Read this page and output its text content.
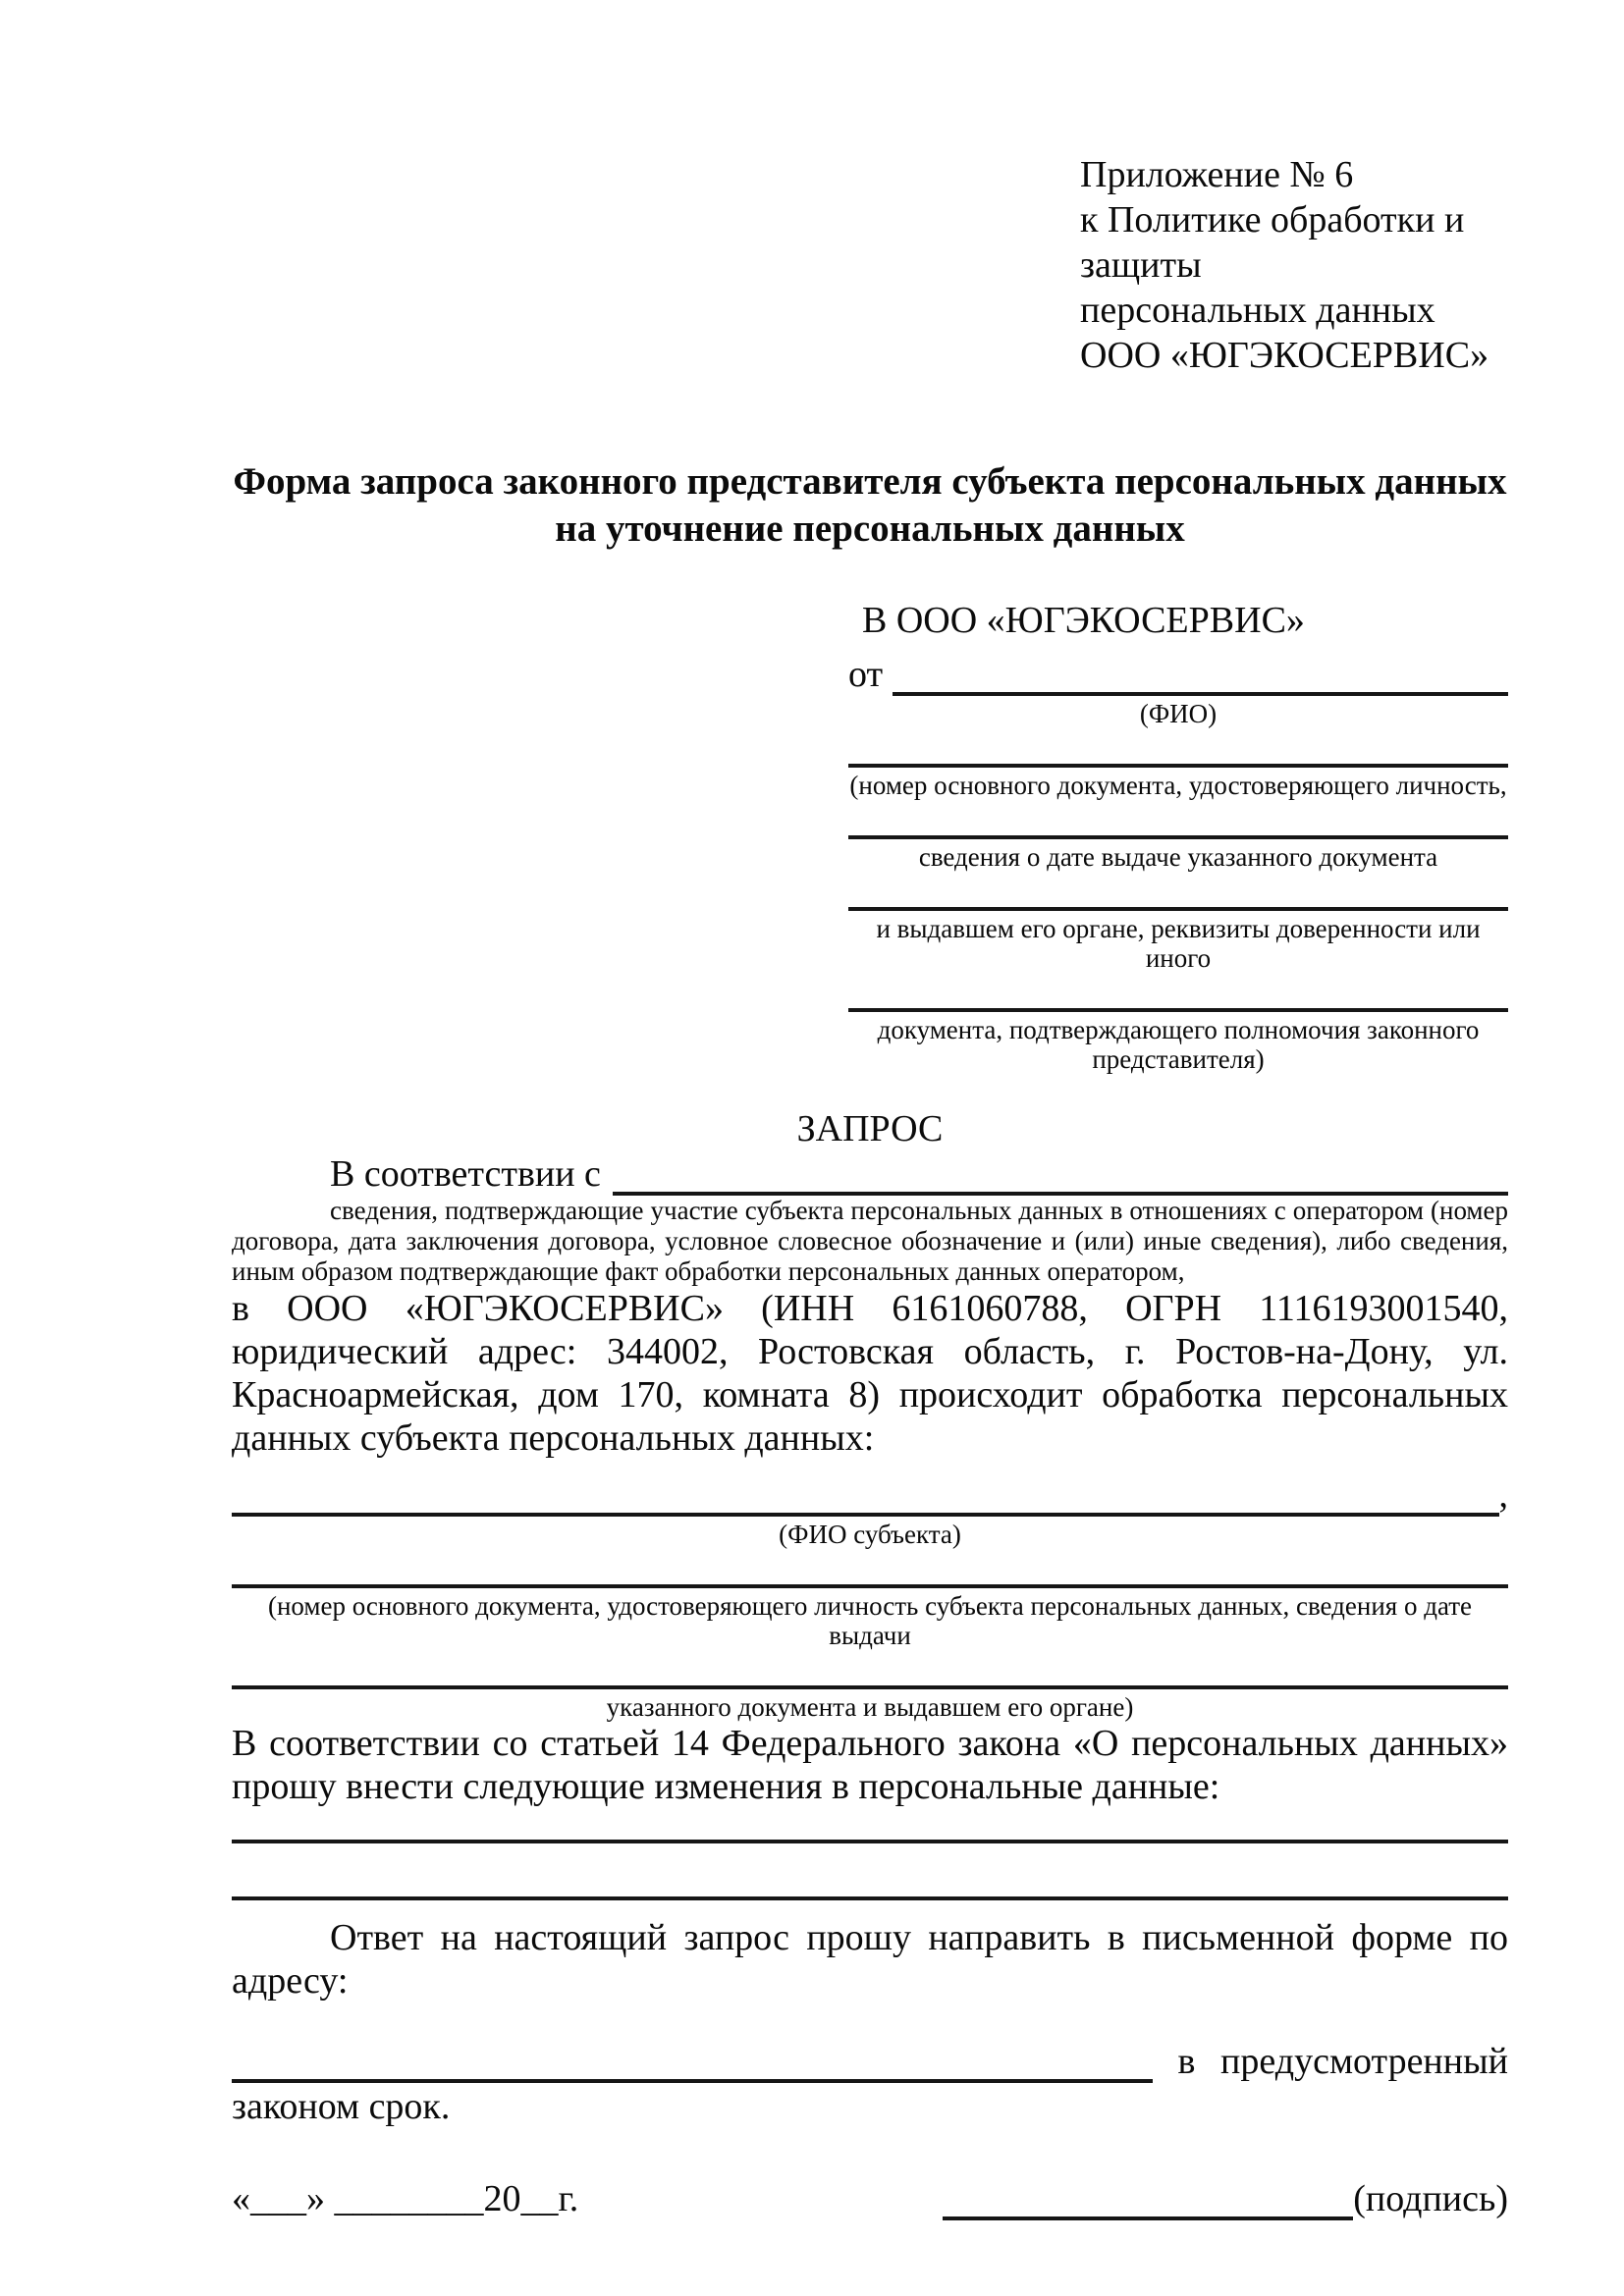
Приложение № 6
к Политике обработки и защиты
персональных данных
ООО «ЮГЭКОСЕРВИС»
Форма запроса законного представителя субъекта персональных данных
на уточнение персональных данных
В ООО «ЮГЭКОСЕРВИС»
от
(ФИО)
(номер основного документа, удостоверяющего личность,
сведения о дате выдаче указанного документа
и выдавшем его органе, реквизиты доверенности или иного
документа, подтверждающего полномочия законного представителя)
ЗАПРОС
В соответствии с
сведения, подтверждающие участие субъекта персональных данных в отношениях с оператором (номер договора, дата заключения договора, условное словесное обозначение и (или) иные сведения), либо сведения, иным образом подтверждающие факт обработки персональных данных оператором,

в ООО «ЮГЭКОСЕРВИС» (ИНН 6161060788, ОГРН 1116193001540, юридический адрес: 344002, Ростовская область, г. Ростов-на-Дону, ул. Красноармейская, дом 170, комната 8) происходит обработка персональных данных субъекта персональных данных:

,
(ФИО субъекта)
(номер основного документа, удостоверяющего личность субъекта персональных данных, сведения о дате выдачи
указанного документа и выдавшем его органе)

В соответствии со статьей 14 Федерального закона «О персональных данных» прошу внести следующие изменения в персональные данные:

Ответ на настоящий запрос прошу направить в письменной форме по адресу:

в предусмотренный
законом срок.
«___» ________20__г.	(подпись)
